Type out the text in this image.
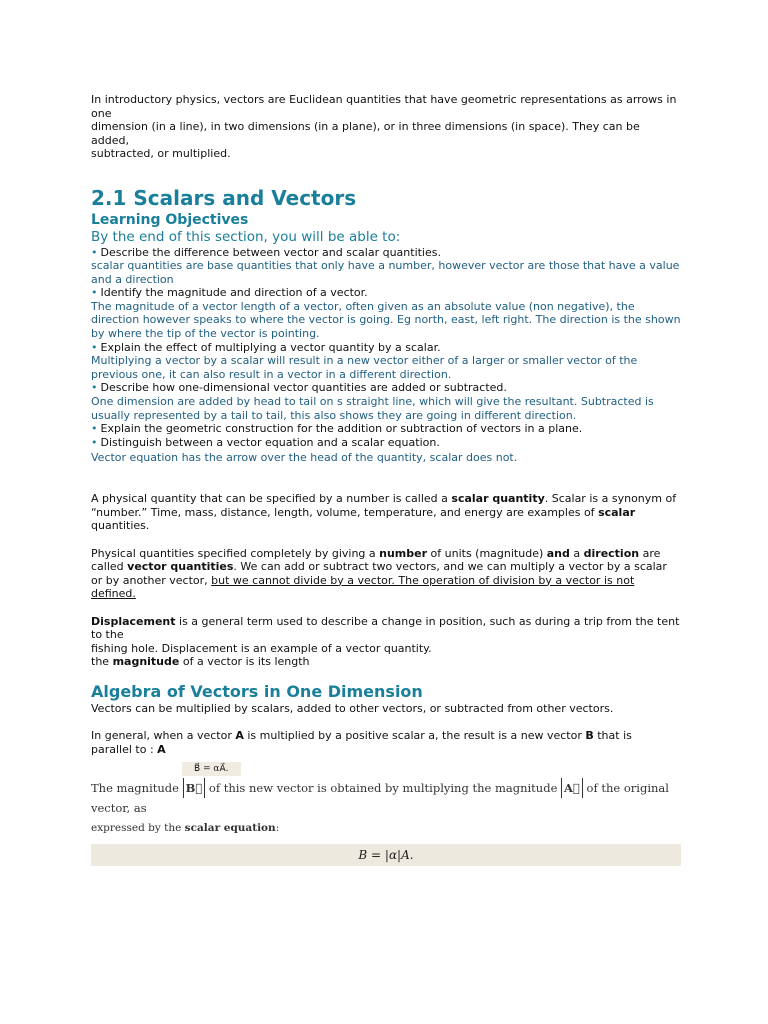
In introductory physics, vectors are Euclidean quantities that have geometric representations as arrows in one

dimension (in a line), in two dimensions (in a plane), or in three dimensions (in space). They can be added,

subtracted, or multiplied.

2.1 Scalars and Vectors
Learning Objectives
By the end of this section, you will be able to:

• Describe the difference between vector and scalar quantities.

scalar quantities are base quantities that only have a number, however vector are those that have a value and a direction

• Identify the magnitude and direction of a vector.

The magnitude of a vector length of a vector, often given as an absolute value (non negative), the direction however speaks to where the vector is going. Eg north, east, left right. The direction is the shown by where the tip of the vector is pointing.

• Explain the effect of multiplying a vector quantity by a scalar.

Multiplying a vector by a scalar will result in a new vector either of a larger or smaller vector of the previous one, it can also result in a vector in a different direction.

• Describe how one-dimensional vector quantities are added or subtracted.

One dimension are added by head to tail on s straight line, which will give the resultant. Subtracted is usually represented by a tail to tail, this also shows they are going in different direction.

• Explain the geometric construction for the addition or subtraction of vectors in a plane.

• Distinguish between a vector equation and a scalar equation.

Vector equation has the arrow over the head of the quantity, scalar does not.

A physical quantity that can be specified by a number is called a scalar quantity. Scalar is a synonym of “number.” Time, mass, distance, length, volume, temperature, and energy are examples of scalar quantities.

Physical quantities specified completely by giving a number of units (magnitude) and a direction are called vector quantities. We can add or subtract two vectors, and we can multiply a vector by a scalar or by another vector, but we cannot divide by a vector. The operation of division by a vector is not defined.

Displacement is a general term used to describe a change in position, such as during a trip from the tent to the

fishing hole. Displacement is an example of a vector quantity.

the magnitude of a vector is its length

Algebra of Vectors in One Dimension

Vectors can be multiplied by scalars, added to other vectors, or subtracted from other vectors.

In general, when a vector A is multiplied by a positive scalar a, the result is a new vector B that is

parallel to : A

B⃗ = αA⃗.
The magnitude B⃗ of this new vector is obtained by multiplying the magnitude A⃗ of the original vector, as
expressed by the scalar equation:
B = |α|A.
